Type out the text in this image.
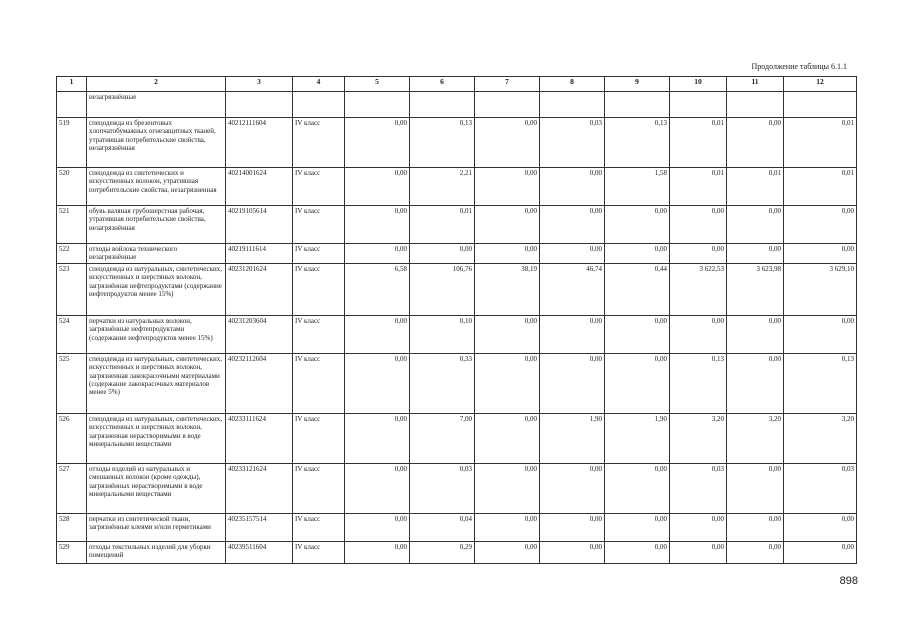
Продолжение таблицы 6.1.1
1	2	3	4	5	6	7	8	9	10	11	12
	незагрязнённые										
519	спецодежда из брезентовых хлопчатобумажных огнезащитных тканей, утратившая потребительские свойства, незагрязнённая	40212111604	IV класс	0,00	0,13	0,00	0,03	0,13	0,01	0,00	0,01
520	спецодежда из синтетических и искусственных волокон, утратившая потребительские свойства, незагрязненная	40214001624	IV класс	0,00	2,21	0,00	0,00	1,58	0,01	0,01	0,01
521	обувь валяная грубошерстная рабочая, утратившая потребительские свойства, незагрязнённая	40219105614	IV класс	0,00	0,01	0,00	0,00	0,00	0,00	0,00	0,00
522	отходы войлока технического незагрязнённые	40219111614	IV класс	0,00	0,00	0,00	0,00	0,00	0,00	0,00	0,00
523	спецодежда из натуральных, синтетических, искусственных и шерстяных волокон, загрязнённая нефтепродуктами (содержание нефтепродуктов менее 15%)	40231201624	IV класс	6,58	106,76	38,19	46,74	0,44	3 622,53	3 623,98	3 629,10
524	перчатки из натуральных волокон, загрязнённые нефтепродуктами (содержание нефтепродуктов менее 15%)	40231203604	IV класс	0,00	0,10	0,00	0,00	0,00	0,00	0,00	0,00
525	спецодежда из натуральных, синтетических, искусственных и шерстяных волокон, загрязненная лакокрасочными материалами (содержание лакокрасочных материалов менее 5%)	40232112604	IV класс	0,00	0,33	0,00	0,00	0,00	0,13	0,00	0,13
526	спецодежда из натуральных, синтетических, искусственных и шерстяных волокон, загрязненная нерастворимыми в воде минеральными веществами	40233111624	IV класс	0,00	7,00	0,00	1,90	1,90	3,20	3,20	3,20
527	отходы изделий из натуральных и смешанных волокон (кроме одежды), загрязнённых нерастворимыми в воде минеральными веществами	40233121624	IV класс	0,00	0,03	0,00	0,00	0,00	0,03	0,00	0,03
528	перчатки из синтетической ткани, загрязнённые клеями и/или герметиками	40235157514	IV класс	0,00	0,04	0,00	0,00	0,00	0,00	0,00	0,00
529	отходы текстильных изделий для уборки помещений	40239511604	IV класс	0,00	0,29	0,00	0,00	0,00	0,00	0,00	0,00
898
